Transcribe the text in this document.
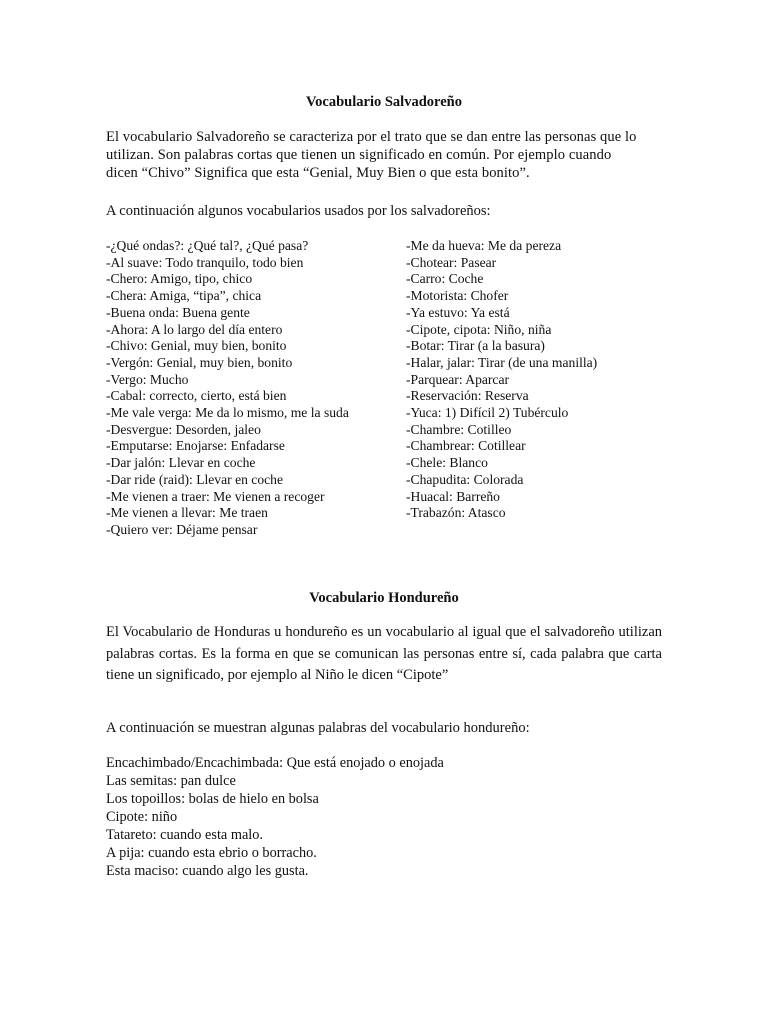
Vocabulario Salvadoreño

El vocabulario Salvadoreño se caracteriza por el trato que se dan entre las personas que lo utilizan. Son palabras cortas que tienen un significado en común. Por ejemplo cuando dicen “Chivo” Significa que esta “Genial, Muy Bien o que esta bonito”.

A continuación algunos vocabularios usados por los salvadoreños:

-¿Qué ondas?: ¿Qué tal?, ¿Qué pasa?
-Al suave: Todo tranquilo, todo bien
-Chero: Amigo, tipo, chico
-Chera: Amiga, “tipa”, chica
-Buena onda: Buena gente
-Ahora: A lo largo del día entero
-Chivo: Genial, muy bien, bonito
-Vergón: Genial, muy bien, bonito
-Vergo: Mucho
-Cabal: correcto, cierto, está bien
-Me vale verga: Me da lo mismo, me la suda
-Desvergue: Desorden, jaleo
-Emputarse: Enojarse: Enfadarse
-Dar jalón: Llevar en coche
-Dar ride (raid): Llevar en coche
-Me vienen a traer: Me vienen a recoger
-Me vienen a llevar: Me traen
-Quiero ver: Déjame pensar
-Me da hueva: Me da pereza
-Chotear: Pasear
-Carro: Coche
-Motorista: Chofer
-Ya estuvo: Ya está
-Cipote, cipota: Niño, niña
-Botar: Tirar (a la basura)
-Halar, jalar: Tirar (de una manilla)
-Parquear: Aparcar
-Reservación: Reserva
-Yuca: 1) Difícil 2) Tubérculo
-Chambre: Cotilleo
-Chambrear: Cotillear
-Chele: Blanco
-Chapudita: Colorada
-Huacal: Barreño
-Trabazón: Atasco
Vocabulario Hondureño

El Vocabulario de Honduras u hondureño es un vocabulario al igual que el salvadoreño utilizan palabras cortas. Es la forma en que se comunican las personas entre sí, cada palabra que carta tiene un significado, por ejemplo al Niño le dicen “Cipote”

A continuación se muestran algunas palabras del vocabulario hondureño:

Encachimbado/Encachimbada: Que está enojado o enojada
Las semitas: pan dulce
Los topoillos: bolas de hielo en bolsa
Cipote: niño
Tatareto: cuando esta malo.
A pija: cuando esta ebrio o borracho.
Esta maciso: cuando algo les gusta.
